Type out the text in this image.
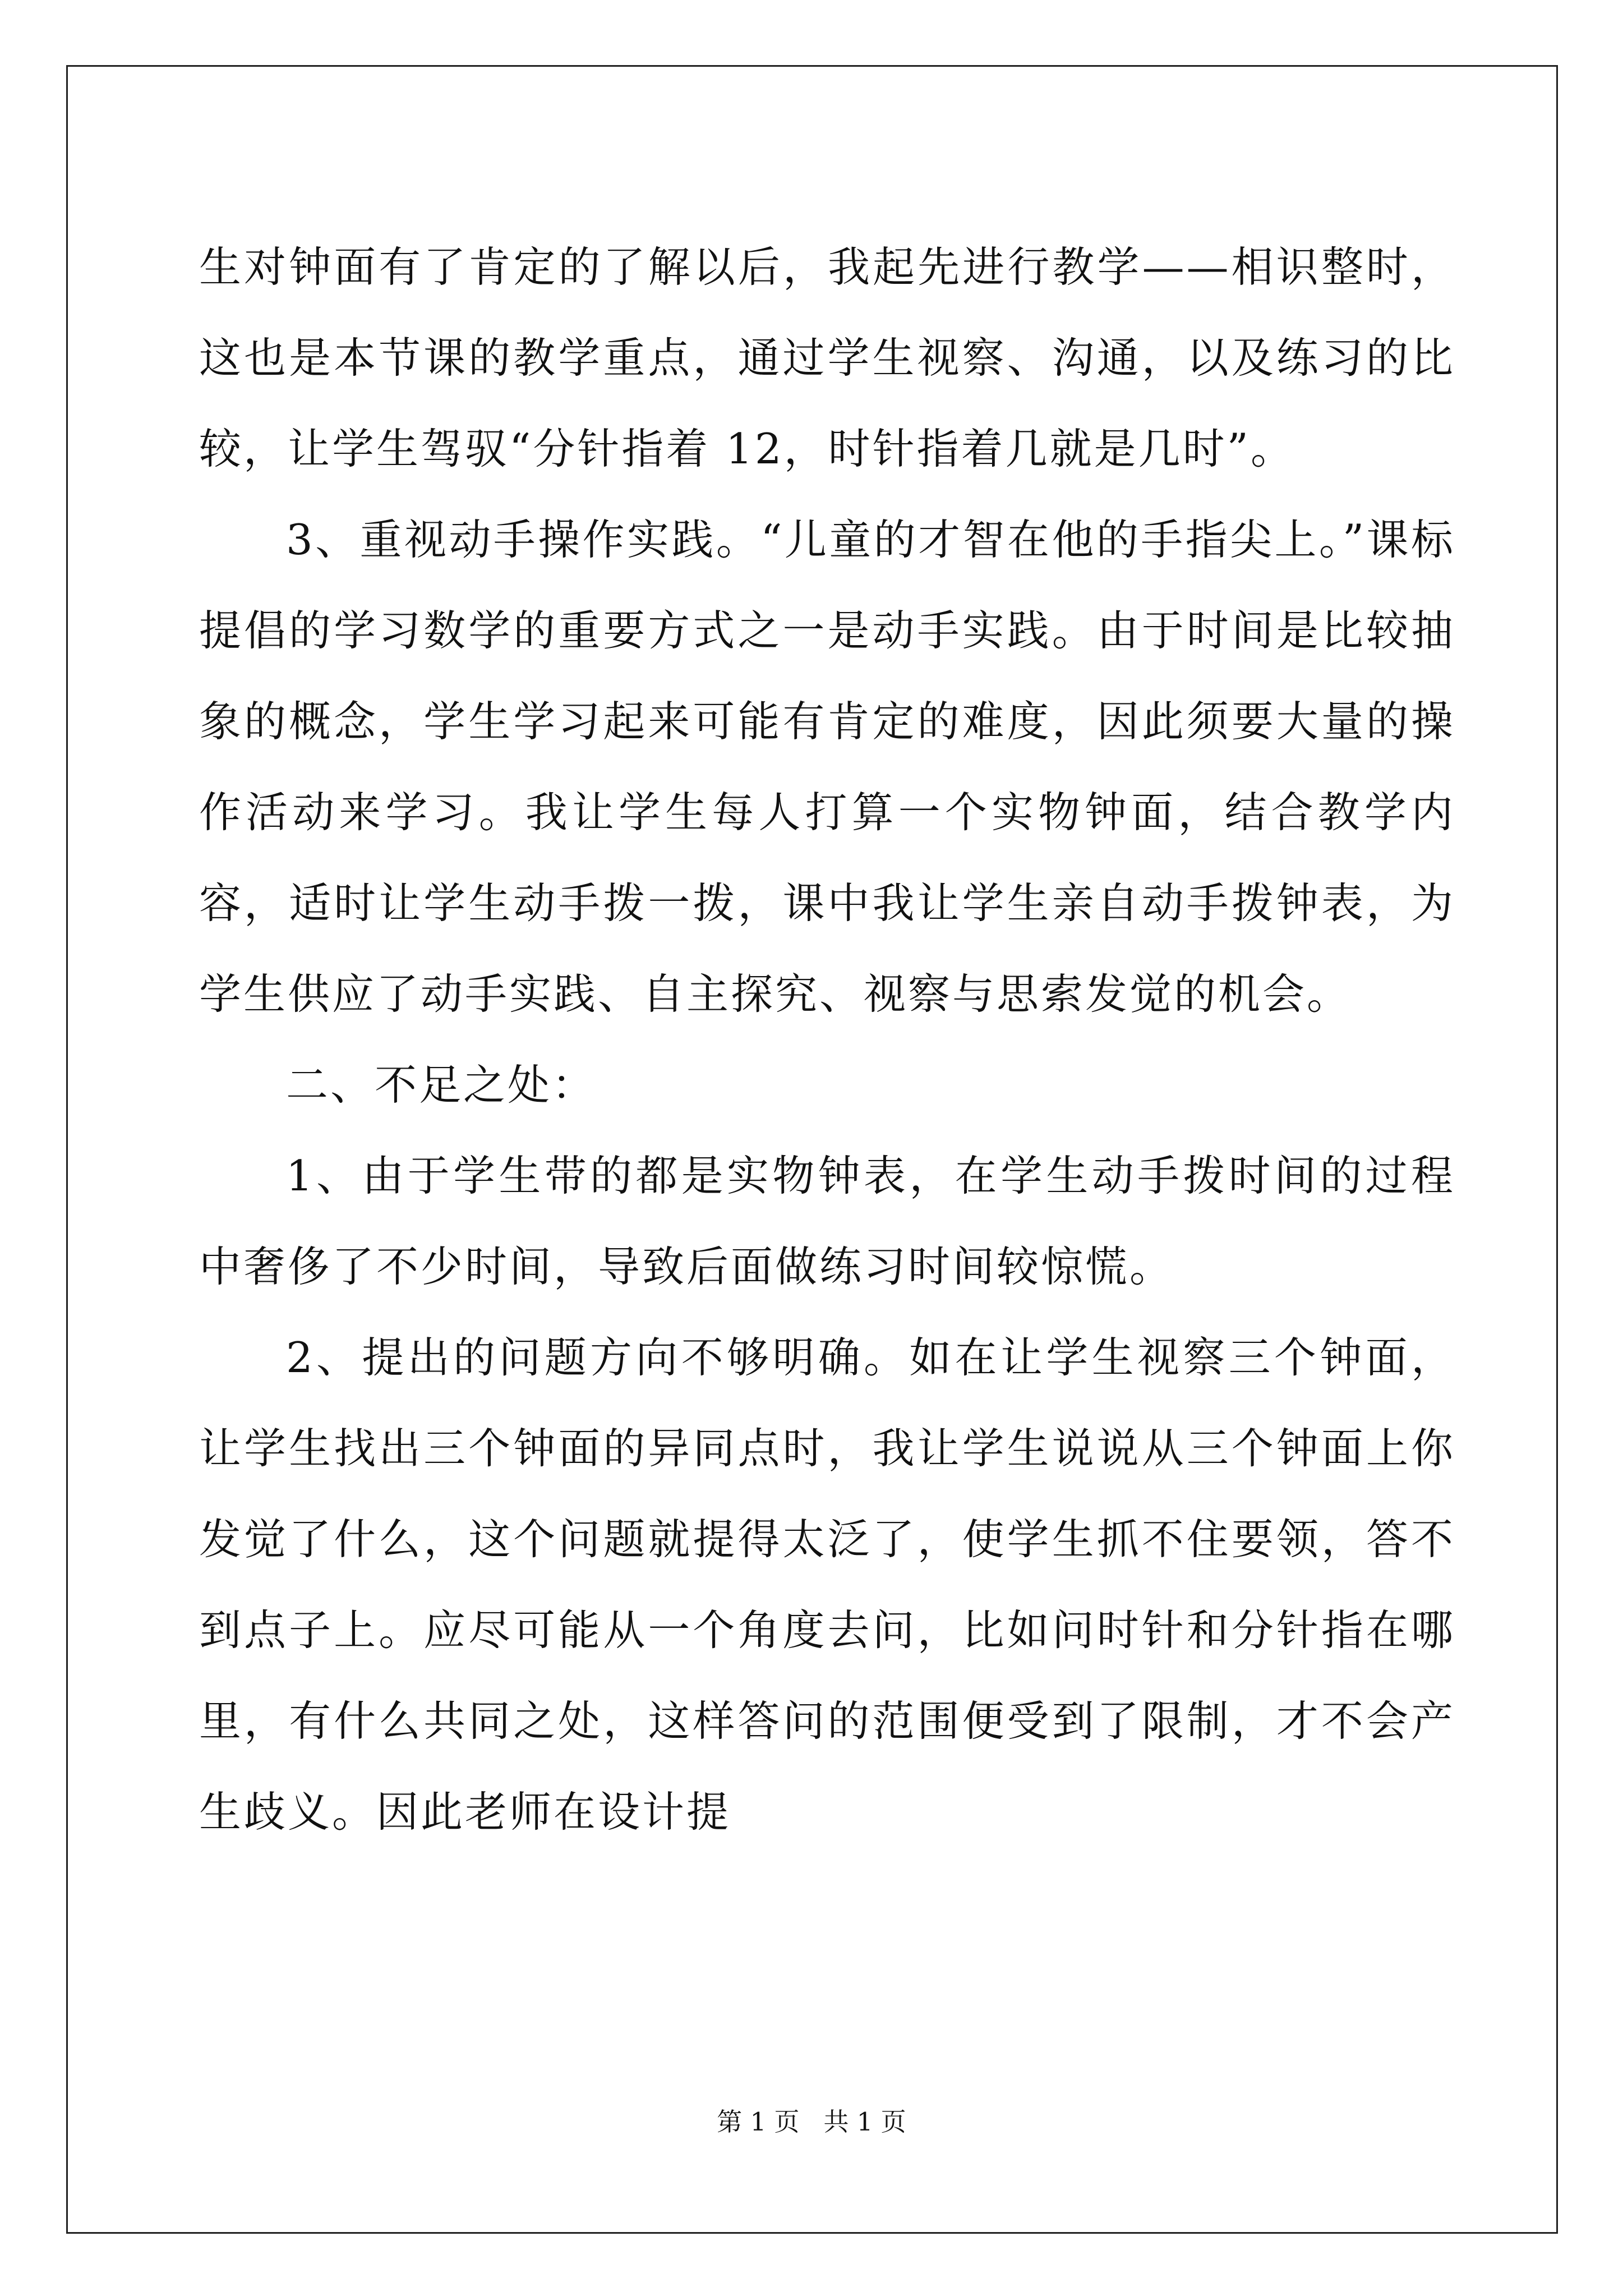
生对钟面有了肯定的了解以后，我起先进行教学——相识整时，这也是本节课的教学重点，通过学生视察、沟通，以及练习的比较，让学生驾驭“分针指着 12，时针指着几就是几时”。

3、重视动手操作实践。“儿童的才智在他的手指尖上。”课标提倡的学习数学的重要方式之一是动手实践。由于时间是比较抽象的概念，学生学习起来可能有肯定的难度，因此须要大量的操作活动来学习。我让学生每人打算一个实物钟面，结合教学内容，适时让学生动手拨一拨，课中我让学生亲自动手拨钟表，为学生供应了动手实践、自主探究、视察与思索发觉的机会。

二、不足之处：

1、由于学生带的都是实物钟表，在学生动手拨时间的过程中奢侈了不少时间，导致后面做练习时间较惊慌。

2、提出的问题方向不够明确。如在让学生视察三个钟面，让学生找出三个钟面的异同点时，我让学生说说从三个钟面上你发觉了什么，这个问题就提得太泛了，使学生抓不住要领，答不到点子上。应尽可能从一个角度去问，比如问时针和分针指在哪里，有什么共同之处，这样答问的范围便受到了限制，才不会产生歧义。因此老师在设计提

第 1 页   共 1 页
